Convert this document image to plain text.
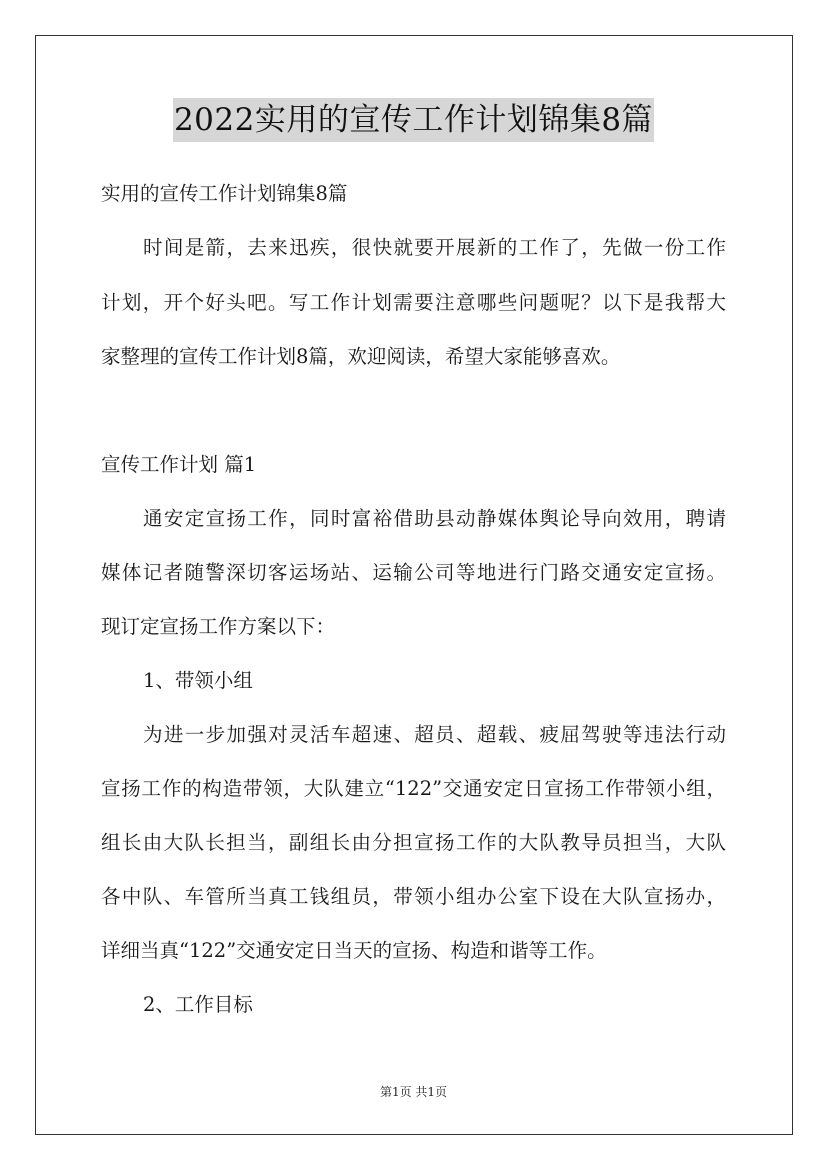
2022实用的宣传工作计划锦集8篇
实用的宣传工作计划锦集8篇
时间是箭，去来迅疾，很快就要开展新的工作了，先做一份工作
计划，开个好头吧。写工作计划需要注意哪些问题呢？以下是我帮大
家整理的宣传工作计划8篇，欢迎阅读，希望大家能够喜欢。
宣传工作计划 篇1
通安定宣扬工作，同时富裕借助县动静媒体舆论导向效用，聘请
媒体记者随警深切客运场站、运输公司等地进行门路交通安定宣扬。
现订定宣扬工作方案以下：
1、带领小组
为进一步加强对灵活车超速、超员、超载、疲屈驾驶等违法行动
宣扬工作的构造带领，大队建立“122”交通安定日宣扬工作带领小组，
组长由大队长担当，副组长由分担宣扬工作的大队教导员担当，大队
各中队、车管所当真工钱组员，带领小组办公室下设在大队宣扬办，
详细当真“122”交通安定日当天的宣扬、构造和谐等工作。
2、工作目标
第1页 共1页
